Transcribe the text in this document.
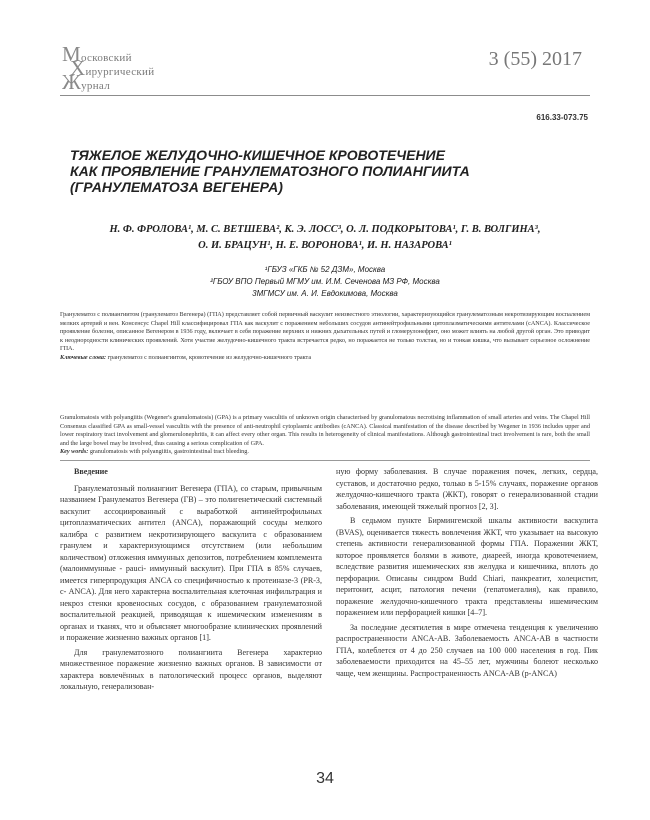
Московский
Хирургический
Журнал
3 (55) 2017
616.33-073.75
ТЯЖЕЛОЕ ЖЕЛУДОЧНО-КИШЕЧНОЕ КРОВОТЕЧЕНИЕ
КАК ПРОЯВЛЕНИЕ ГРАНУЛЕМАТОЗНОГО ПОЛИАНГИИТА
(ГРАНУЛЕМАТОЗА ВЕГЕНЕРА)
Н. Ф. ФРОЛОВА¹, М. С. ВЕТШЕВА², К. Э. ЛОСС³, О. Л. ПОДКОРЫТОВА¹, Г. В. ВОЛГИНА³,
О. И. БРАЦУН¹, Н. Е. ВОРОНОВА¹, И. Н. НАЗАРОВА¹
¹ГБУЗ «ГКБ № 52 ДЗМ», Москва
²ГБОУ ВПО Первый МГМУ им. И.М. Сеченова МЗ РФ, Москва
3МГМСУ им. А. И. Евдокимова, Москва
Гранулематоз с полиангиитом (гранулематоз Вегенера) (ГПА) представляет собой первичный васкулит неизвестного этиологии, характеризующийся гранулематозным некротизирующим воспалением мелких артерий и вен. Консенсус Chapel Hill классифицировал ГПА как васкулит с поражением небольших сосудов антинейтрофильными цитоплазматическими антителами (cANCA). Классическое проявление болезни, описанное Вегенером в 1936 году, включает в себя поражение верхних и нижних дыхательных путей и гломерулонефрит, оно может влиять на любой другой орган. Это приводит к неоднородности клинических проявлений. Хотя участие желудочно-кишечного тракта встречается редко, но поражается не только толстая, но и тонкая кишка, что вызывает серьезное осложнение ГПА.
Ключевые слова: гранулематоз с полиангиитом, кровотечение из желудочно-кишечного тракта
Granulomatosis with polyangiitis (Wegener's granulomatosis) (GPA) is a primary vasculitis of unknown origin characterised by granulomatous necrotising inflammation of small arteries and veins. The Chapel Hill Consensus classified GPA as small-vessel vasculitis with the presence of anti-neutrophil cytoplasmic antibodies (cANCA). Classical manifestation of the disease described by Wegener in 1936 includes upper and lower respiratory tract involvement and glomerulonephritis, it can affect every other organ. This results in heterogeneity of clinical manifestations. Although gastrointestinal tract involvement is rare, both the small and the large bowel may be involved, thus causing a serious complication of GPA.
Key words: granulomatosis with polyangiitis, gastrointestinal tract bleeding.
Введение

Гранулематозный полиангиит Вегенера (ГПА), со старым, привычным названием Гранулематоз Вегенера (ГВ) – это полигенетический системный васкулит ассоциированный с выработкой антинейтрофильных цитоплазматических антител (ANCA), поражающий сосуды мелкого калибра с развитием некротизирующего васкулита с образованием гранулем и характеризующимся отсутствием (или небольшим количеством) отложения иммунных депозитов, потреблением комплемента (малоиммунные - pauci- иммунный васкулит). При ГПА в 85% случаев, имеется гиперпродукция ANCA со специфичностью к протеиназе-3 (PR-3, с- ANCA). Для него характерна воспалительная клеточная инфильтрация и некроз стенки кровеносных сосудов, с образованием гранулематозной воспалительной реакцией, приводящая к ишемическим изменениям в органах и тканях, что и объясняет многообразие клинических проявлений и поражение жизненно важных органов [1].

Для гранулематозного полиангиита Вегенера характерно множественное поражение жизненно важных органов. В зависимости от характера вовлечённых в патологический процесс органов, выделяют локальную, генерализован-

ную форму заболевания. В случае поражения почек, легких, сердца, суставов, и достаточно редко, только в 5-15% случаях, поражение органов желудочно-кишечного тракта (ЖКТ), говорят о генерализованной стадии заболевания, имеющей тяжелый прогноз [2, 3].

В седьмом пункте Бирмингемской шкалы активности васкулита (BVAS), оценивается тяжесть вовлечения ЖКТ, что указывает на высокую степень активности генерализованной формы ГПА. Поражении ЖКТ, которое проявляется болями в животе, диареей, иногда кровотечением, вследствие развития ишемических язв желудка и кишечника, вплоть до перфорации. Описаны синдром Budd Chiari, панкреатит, холецистит, перитонит, асцит, патология печени (гепатомегалия), как правило, поражение желудочно-кишечного тракта представлены ишемическим поражением или перфорацией кишки [4–7].

За последние десятилетия в мире отмечена тенденция к увеличению распространенности ANCA-AB. Заболеваемость ANCA-AB в частности ГПА, колеблется от 4 до 250 случаев на 100 000 населения в год. Пик заболеваемости приходится на 45–55 лет, мужчины болеют несколько чаще, чем женщины. Распространенность ANCA-AB (p-ANCA)

34
